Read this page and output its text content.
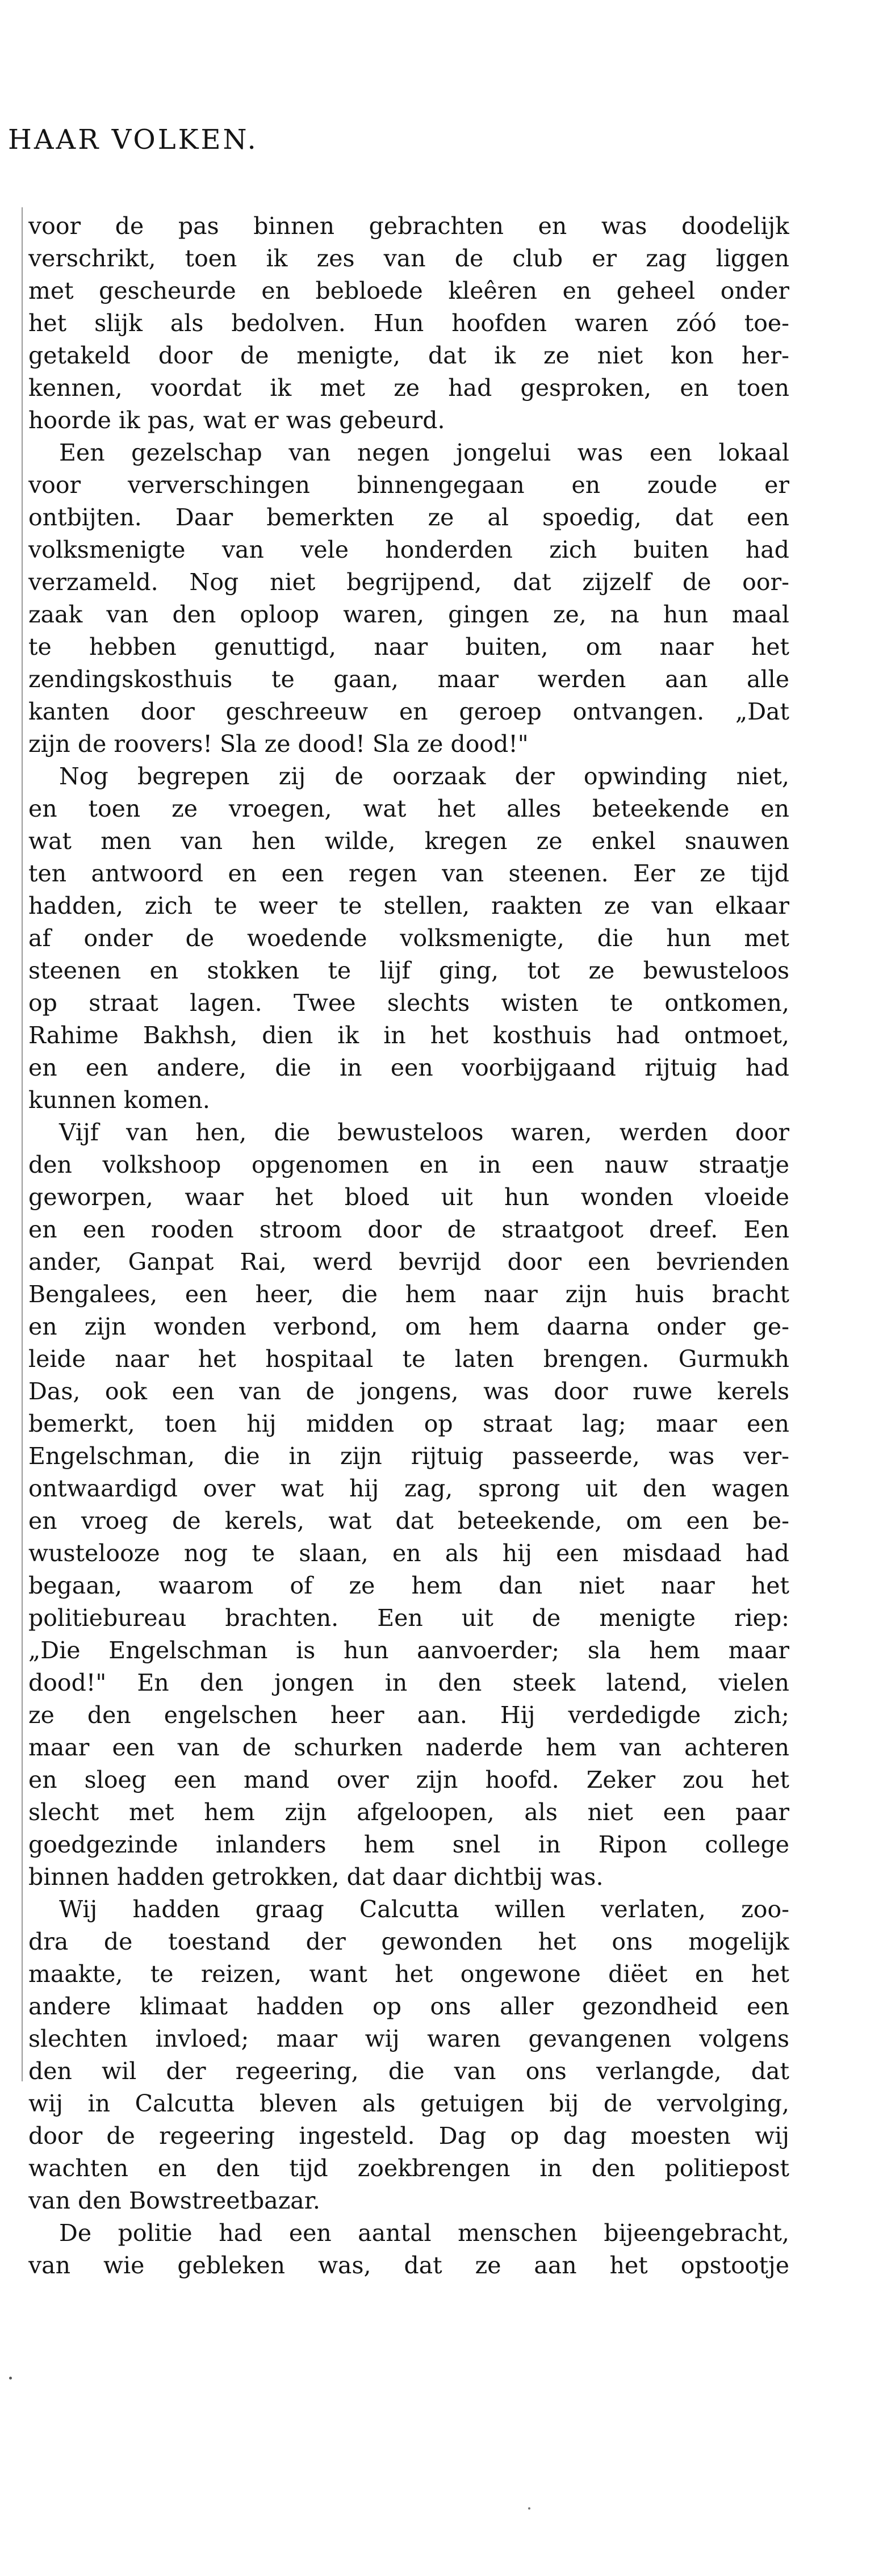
HAAR VOLKEN.
voor de pas binnen gebrachten en was doodelijk
verschrikt, toen ik zes van de club er zag liggen
met gescheurde en bebloede kleêren en geheel onder
het slijk als bedolven. Hun hoofden waren zóó toe-
getakeld door de menigte, dat ik ze niet kon her-
kennen, voordat ik met ze had gesproken, en toen
hoorde ik pas, wat er was gebeurd.
Een gezelschap van negen jongelui was een lokaal
voor ververschingen binnengegaan en zoude er
ontbijten. Daar bemerkten ze al spoedig, dat een
volksmenigte van vele honderden zich buiten had
verzameld. Nog niet begrijpend, dat zijzelf de oor-
zaak van den oploop waren, gingen ze, na hun maal
te hebben genuttigd, naar buiten, om naar het
zendingskosthuis te gaan, maar werden aan alle
kanten door geschreeuw en geroep ontvangen. „Dat
zijn de roovers! Sla ze dood! Sla ze dood!"
Nog begrepen zij de oorzaak der opwinding niet,
en toen ze vroegen, wat het alles beteekende en
wat men van hen wilde, kregen ze enkel snauwen
ten antwoord en een regen van steenen. Eer ze tijd
hadden, zich te weer te stellen, raakten ze van elkaar
af onder de woedende volksmenigte, die hun met
steenen en stokken te lijf ging, tot ze bewusteloos
op straat lagen. Twee slechts wisten te ontkomen,
Rahime Bakhsh, dien ik in het kosthuis had ontmoet,
en een andere, die in een voorbijgaand rijtuig had
kunnen komen.
Vijf van hen, die bewusteloos waren, werden door
den volkshoop opgenomen en in een nauw straatje
geworpen, waar het bloed uit hun wonden vloeide
en een rooden stroom door de straatgoot dreef. Een
ander, Ganpat Rai, werd bevrijd door een bevrienden
Bengalees, een heer, die hem naar zijn huis bracht
en zijn wonden verbond, om hem daarna onder ge-
leide naar het hospitaal te laten brengen. Gurmukh
Das, ook een van de jongens, was door ruwe kerels
bemerkt, toen hij midden op straat lag; maar een
Engelschman, die in zijn rijtuig passeerde, was ver-
ontwaardigd over wat hij zag, sprong uit den wagen
en vroeg de kerels, wat dat beteekende, om een be-
wustelooze nog te slaan, en als hij een misdaad had
begaan, waarom of ze hem dan niet naar het
politiebureau brachten. Een uit de menigte riep:
„Die Engelschman is hun aanvoerder; sla hem maar
dood!" En den jongen in den steek latend, vielen
ze den engelschen heer aan. Hij verdedigde zich;
maar een van de schurken naderde hem van achteren
en sloeg een mand over zijn hoofd. Zeker zou het
slecht met hem zijn afgeloopen, als niet een paar
goedgezinde inlanders hem snel in Ripon college
binnen hadden getrokken, dat daar dichtbij was.
Wij hadden graag Calcutta willen verlaten, zoo-
dra de toestand der gewonden het ons mogelijk
maakte, te reizen, want het ongewone diëet en het
andere klimaat hadden op ons aller gezondheid een
slechten invloed; maar wij waren gevangenen volgens
den wil der regeering, die van ons verlangde, dat
wij in Calcutta bleven als getuigen bij de vervolging,
door de regeering ingesteld. Dag op dag moesten wij
wachten en den tijd zoekbrengen in den politiepost
van den Bowstreetbazar.
De politie had een aantal menschen bijeengebracht,
van wie gebleken was, dat ze aan het opstootje
